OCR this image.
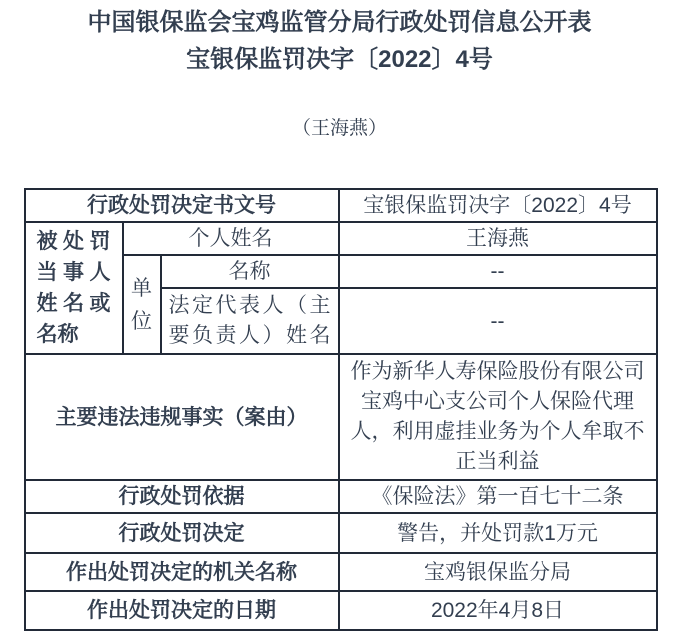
中国银保监会宝鸡监管分局行政处罚信息公开表
宝银保监罚决字〔2022〕4号
（王海燕）
行政处罚决定书文号			宝银保监罚决字〔2022〕4号
被处罚当事人姓名或名称	个人姓名		王海燕
	单位	名称	--
		法定代表人（主要负责人）姓名	--
主要违法违规事实（案由）			作为新华人寿保险股份有限公司宝鸡中心支公司个人保险代理人，利用虚挂业务为个人牟取不正当利益
行政处罚依据			《保险法》第一百七十二条
行政处罚决定			警告，并处罚款1万元
作出处罚决定的机关名称			宝鸡银保监分局
作出处罚决定的日期			2022年4月8日
